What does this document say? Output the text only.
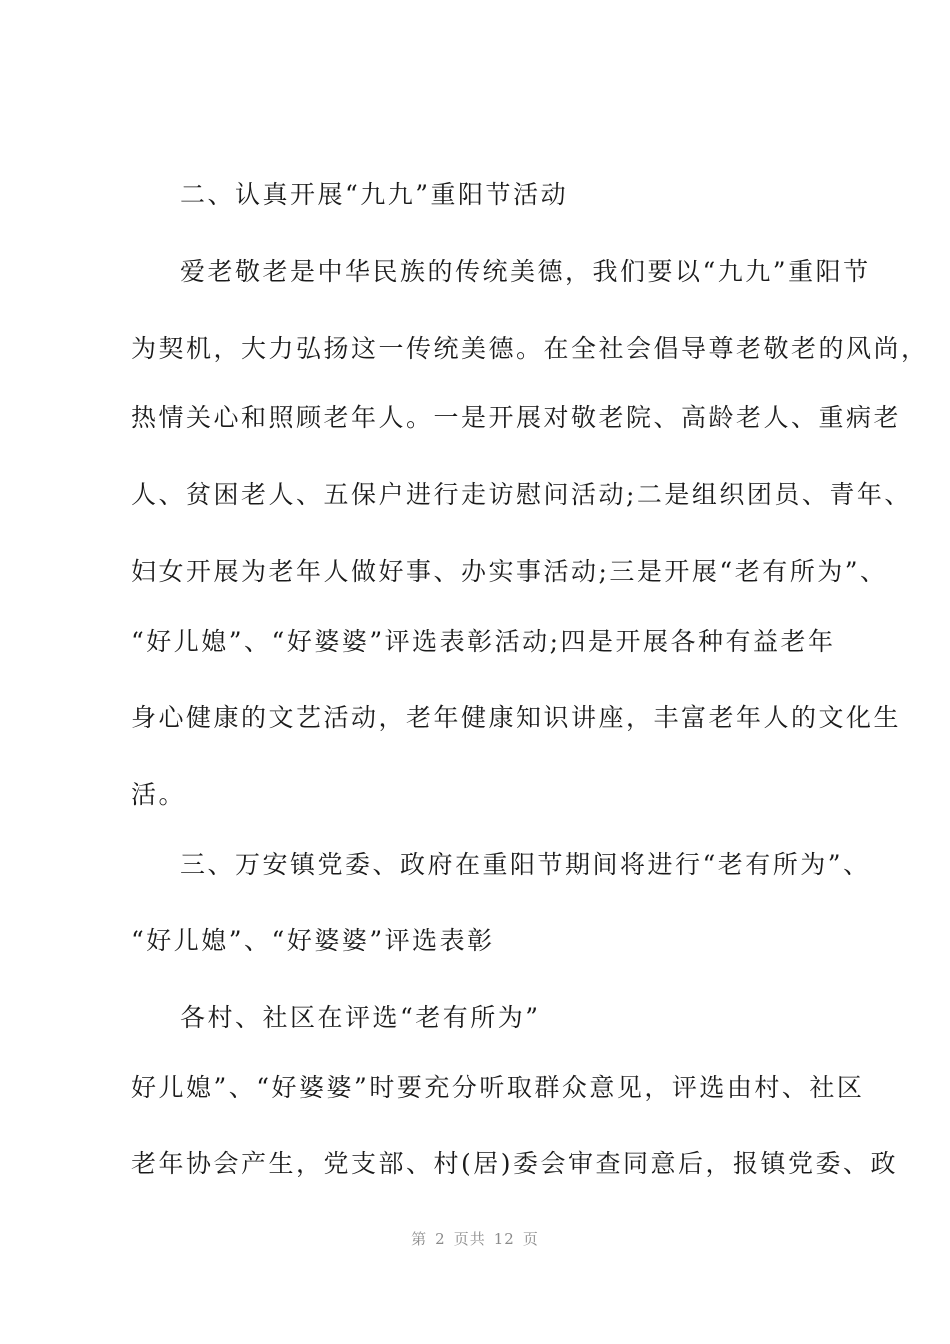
二、认真开展“九九”重阳节活动
爱老敬老是中华民族的传统美德，我们要以“九九”重阳节
为契机，大力弘扬这一传统美德。在全社会倡导尊老敬老的风尚，
热情关心和照顾老年人。一是开展对敬老院、高龄老人、重病老
人、贫困老人、五保户进行走访慰问活动;二是组织团员、青年、
妇女开展为老年人做好事、办实事活动;三是开展“老有所为”、
“好儿媳”、“好婆婆”评选表彰活动;四是开展各种有益老年
身心健康的文艺活动，老年健康知识讲座，丰富老年人的文化生
活。
三、万安镇党委、政府在重阳节期间将进行“老有所为”、
“好儿媳”、“好婆婆”评选表彰
各村、社区在评选“老有所为”
好儿媳”、“好婆婆”时要充分听取群众意见，评选由村、社区
老年协会产生，党支部、村(居)委会审查同意后，报镇党委、政
第 2 页共 12 页
